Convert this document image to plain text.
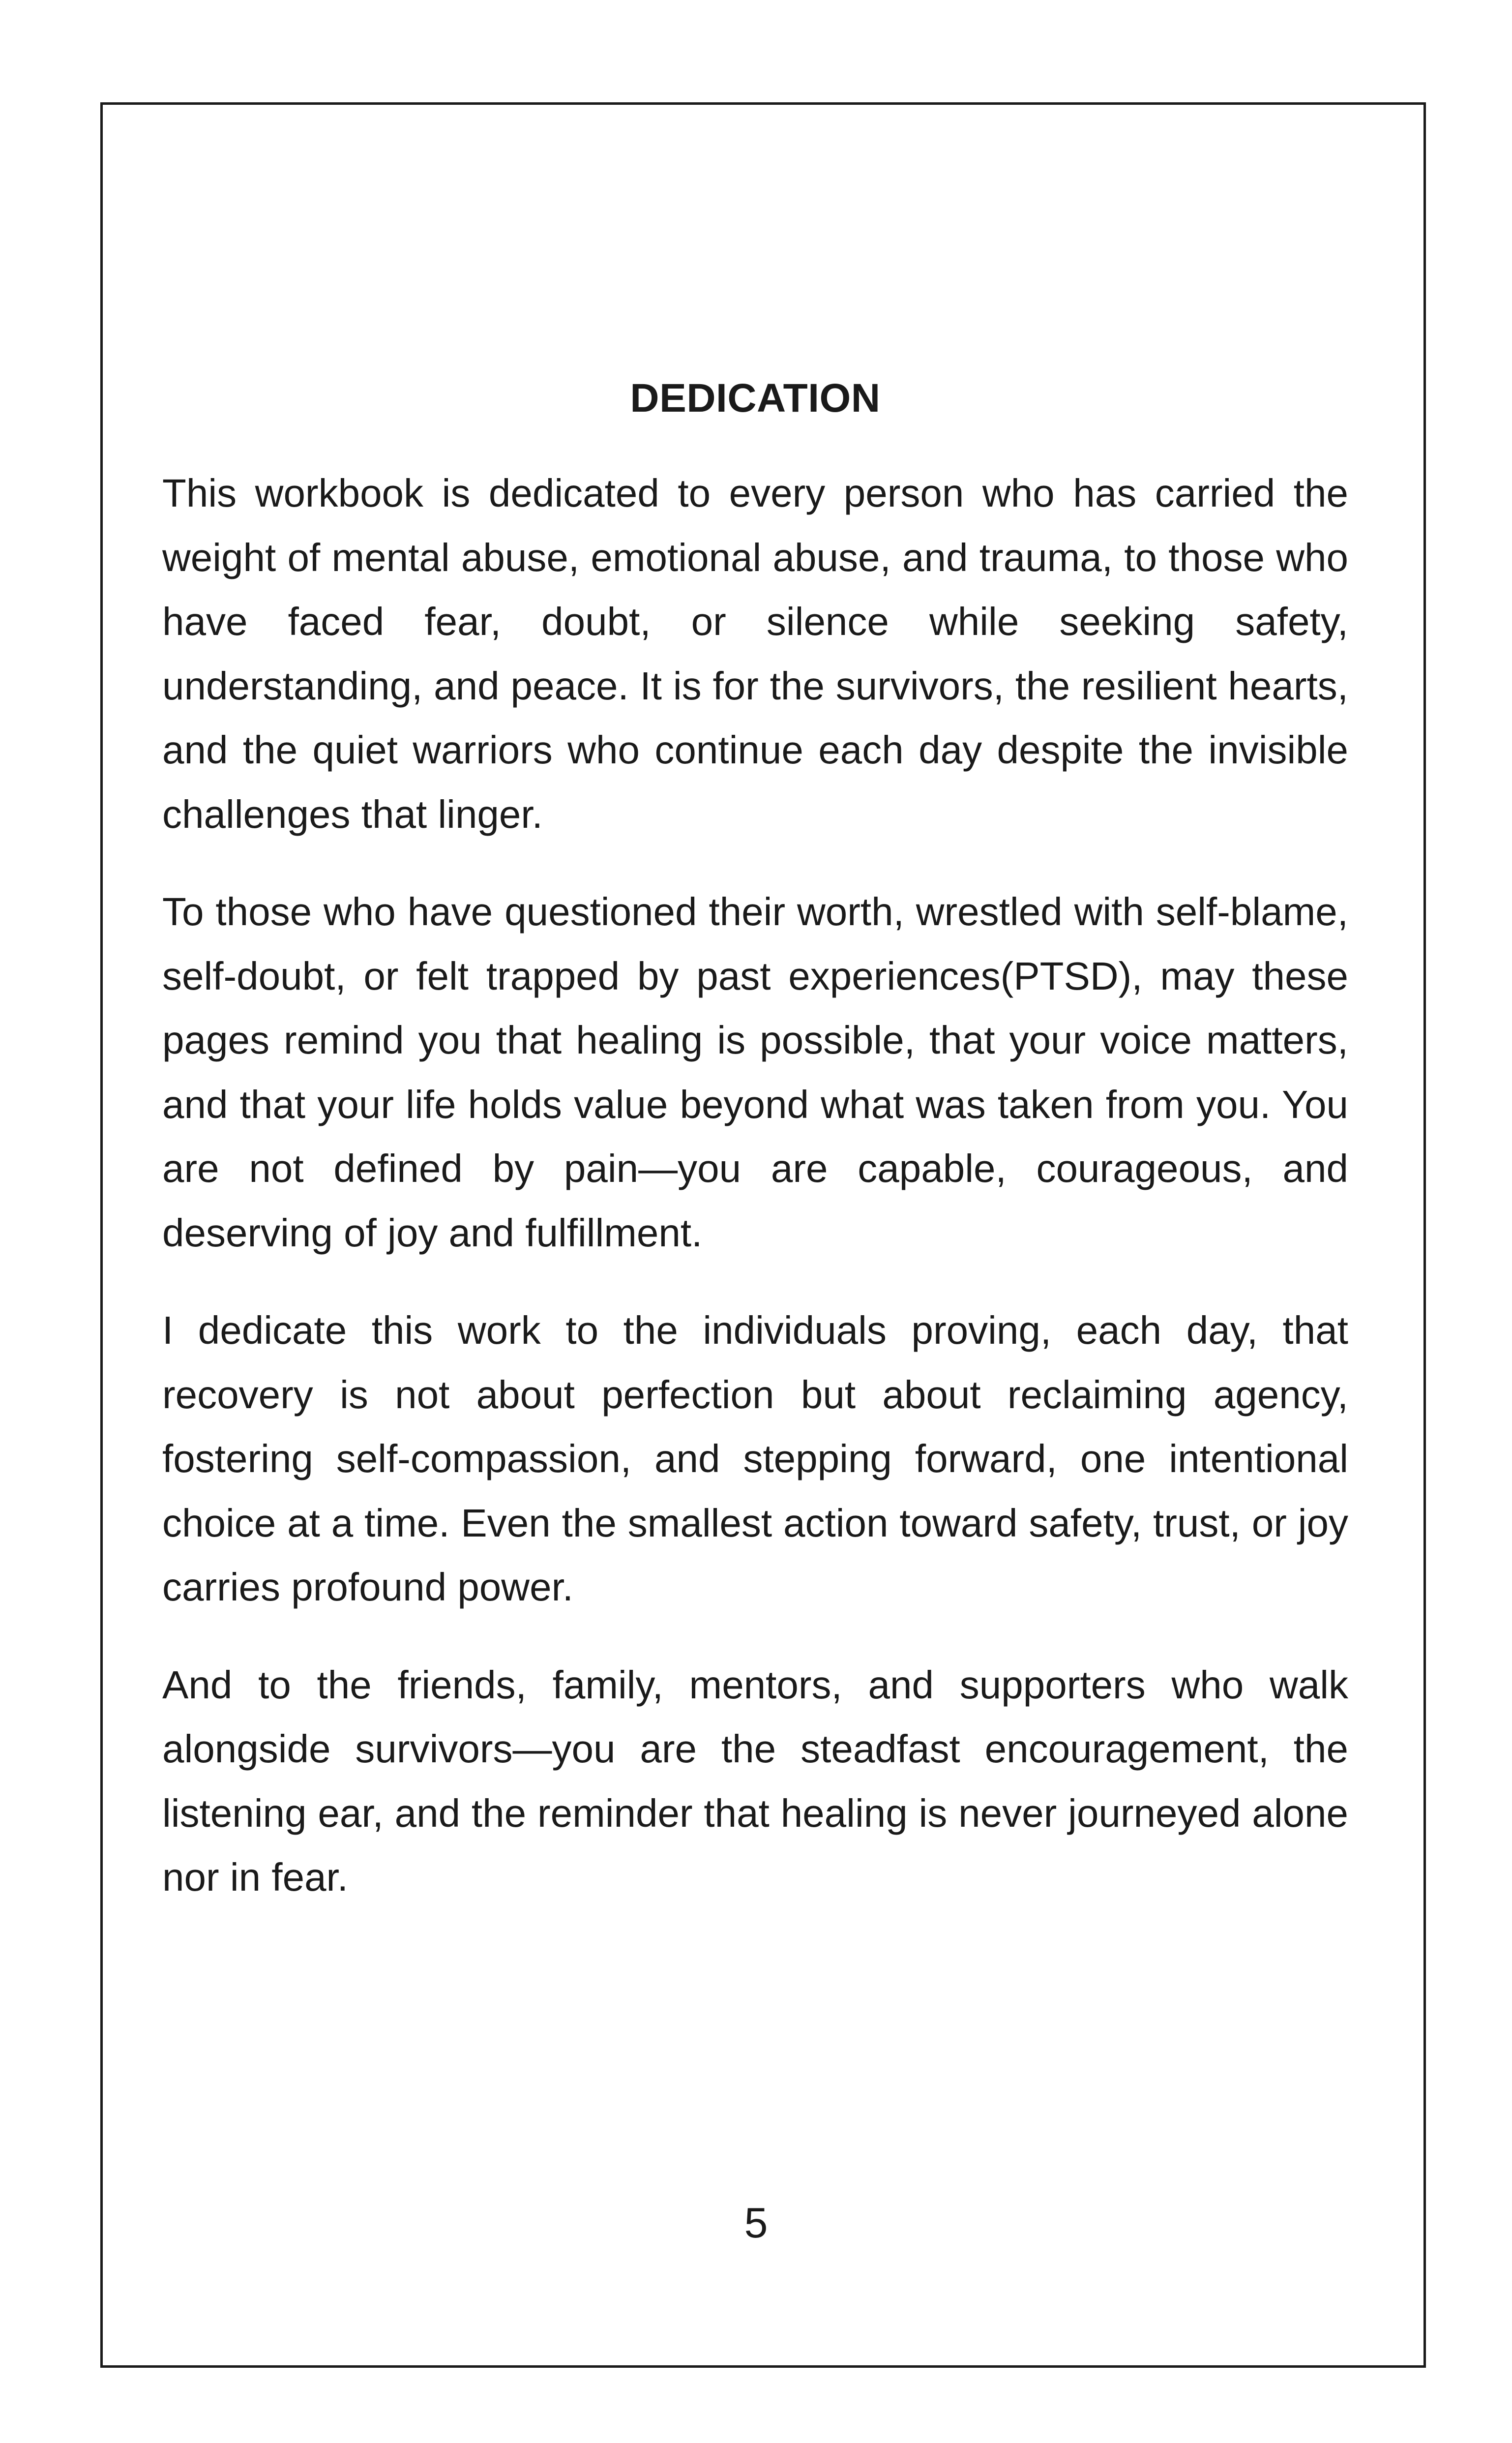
DEDICATION

This workbook is dedicated to every person who has carried the weight of mental abuse, emotional abuse, and trauma, to those who have faced fear, doubt, or silence while seeking safety, understanding, and peace. It is for the survivors, the resilient hearts, and the quiet warriors who continue each day despite the invisible challenges that linger.

To those who have questioned their worth, wrestled with self-blame, self-doubt, or felt trapped by past experiences(PTSD), may these pages remind you that healing is possible, that your voice matters, and that your life holds value beyond what was taken from you. You are not defined by pain—you are capable, courageous, and deserving of joy and fulfillment.

I dedicate this work to the individuals proving, each day, that recovery is not about perfection but about reclaiming agency, fostering self-compassion, and stepping forward, one intentional choice at a time. Even the smallest action toward safety, trust, or joy carries profound power.

And to the friends, family, mentors, and supporters who walk alongside survivors—you are the steadfast encouragement, the listening ear, and the reminder that healing is never journeyed alone nor in fear.

5
